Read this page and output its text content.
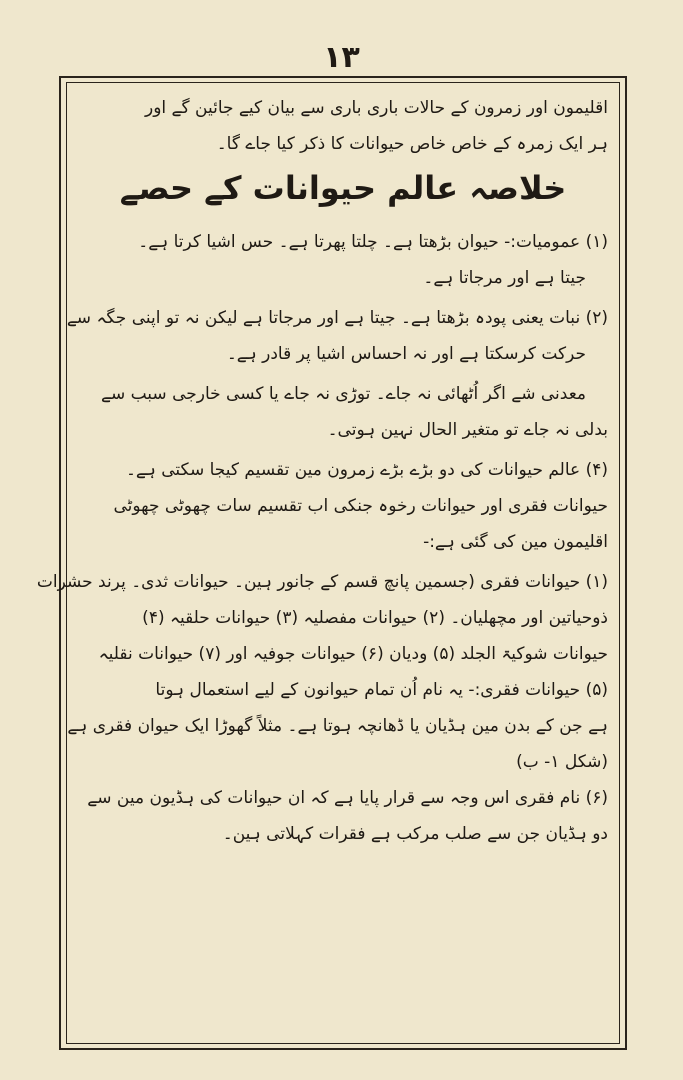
۱۳
اقلیمون اور زمرون کے حالات باری باری سے بیان کیے جائین گے اور
ہر ایک زمرہ کے خاص خاص حیوانات کا ذکر کیا جاے گا۔
خلاصہ عالم حیوانات کے حصے
(۱) عمومیات:- حیوان بڑھتا ہے۔ چلتا پھرتا ہے۔ حس اشیا کرتا ہے۔
جیتا ہے اور مرجاتا ہے۔
(۲) نبات یعنی پودہ بڑھتا ہے۔ جیتا ہے اور مرجاتا ہے لیکن نہ تو اپنی جگہ سے
حرکت کرسکتا ہے اور نہ احساس اشیا پر قادر ہے۔
معدنی شے اگر اُٹھائی نہ جاے۔ توڑی نہ جاے یا کسی خارجی سبب سے
بدلی نہ جاے تو متغیر الحال نہین ہوتی۔
(۴) عالم حیوانات کی دو بڑے بڑے زمرون مین تقسیم کیجا سکتی ہے۔
حیوانات فقری اور حیوانات رخوہ جنکی اب تقسیم سات چھوٹی چھوٹی
اقلیمون مین کی گئی ہے:-
(۱) حیوانات فقری (جسمین پانچ قسم کے جانور ہین۔ حیوانات ثدی۔ پرند حشرات
ذوحیاتین اور مچھلیان۔ (۲) حیوانات مفصلیہ (۳) حیوانات حلقیہ (۴)
حیوانات شوکیۃ الجلد (۵) ودیان (۶) حیوانات جوفیہ اور (۷) حیوانات نقلیہ
(۵) حیوانات فقری:- یہ نام اُن تمام حیوانون کے لیے استعمال ہوتا
ہے جن کے بدن مین ہڈیان یا ڈھانچہ ہوتا ہے۔ مثلاً گھوڑا ایک حیوان فقری ہے
(شکل ۱- ب)
(۶) نام فقری اس وجہ سے قرار پایا ہے کہ ان حیوانات کی ہڈیون مین سے
دو ہڈیان جن سے صلب مرکب ہے فقرات کہلاتی ہین۔
